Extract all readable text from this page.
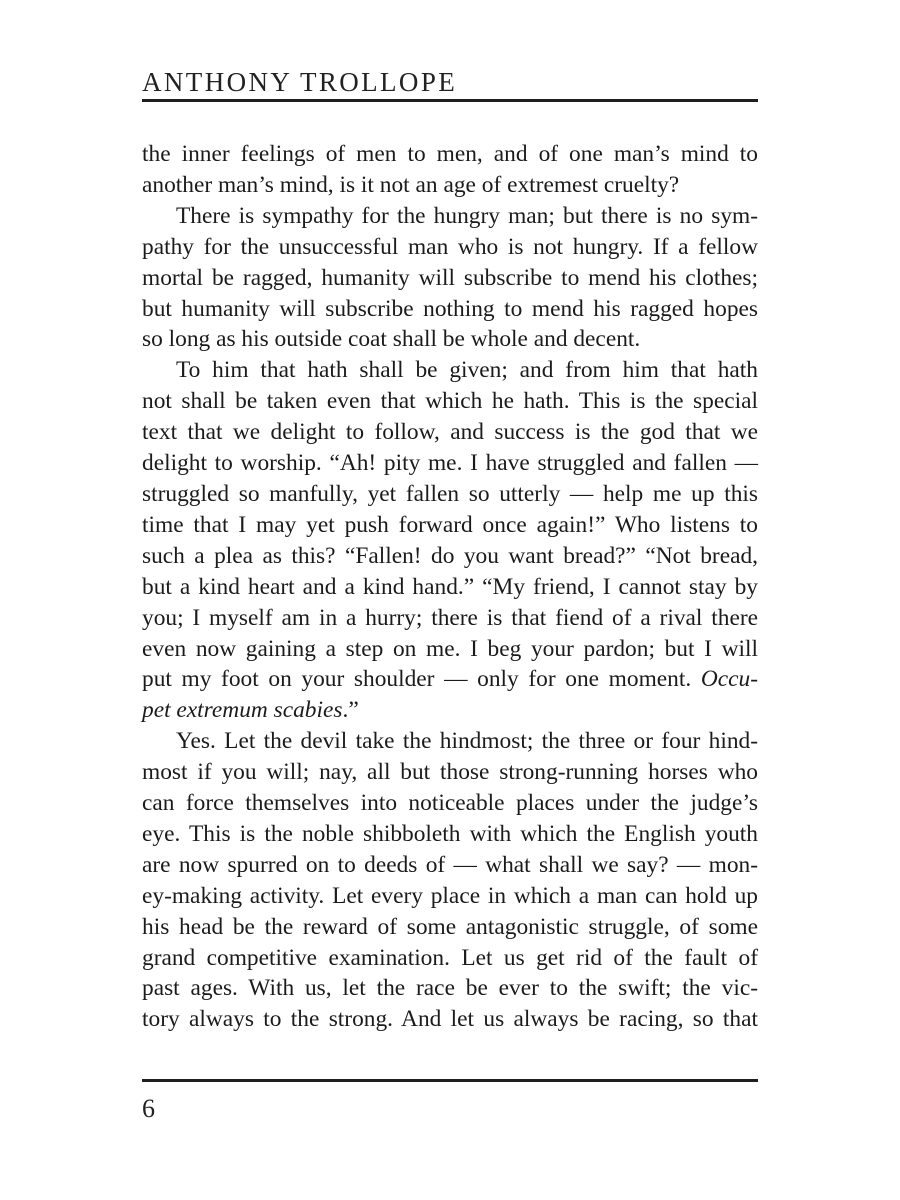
ANTHONY TROLLOPE

the inner feelings of men to men, and of one man’s mind to
another man’s mind, is it not an age of extremest cruelty?

There is sympathy for the hungry man; but there is no sym-
pathy for the unsuccessful man who is not hungry. If a fellow
mortal be ragged, humanity will subscribe to mend his clothes;
but humanity will subscribe nothing to mend his ragged hopes
so long as his outside coat shall be whole and decent.

To him that hath shall be given; and from him that hath
not shall be taken even that which he hath. This is the special
text that we delight to follow, and success is the god that we
delight to worship. “Ah! pity me. I have struggled and fallen —
struggled so manfully, yet fallen so utterly — help me up this
time that I may yet push forward once again!” Who listens to
such a plea as this? “Fallen! do you want bread?” “Not bread,
but a kind heart and a kind hand.” “My friend, I cannot stay by
you; I myself am in a hurry; there is that fiend of a rival there
even now gaining a step on me. I beg your pardon; but I will
put my foot on your shoulder — only for one moment. Occu-
pet extremum scabies.”

Yes. Let the devil take the hindmost; the three or four hind-
most if you will; nay, all but those strong-running horses who
can force themselves into noticeable places under the judge’s
eye. This is the noble shibboleth with which the English youth
are now spurred on to deeds of — what shall we say? — mon-
ey-making activity. Let every place in which a man can hold up
his head be the reward of some antagonistic struggle, of some
grand competitive examination. Let us get rid of the fault of
past ages. With us, let the race be ever to the swift; the vic-
tory always to the strong. And let us always be racing, so that

6
